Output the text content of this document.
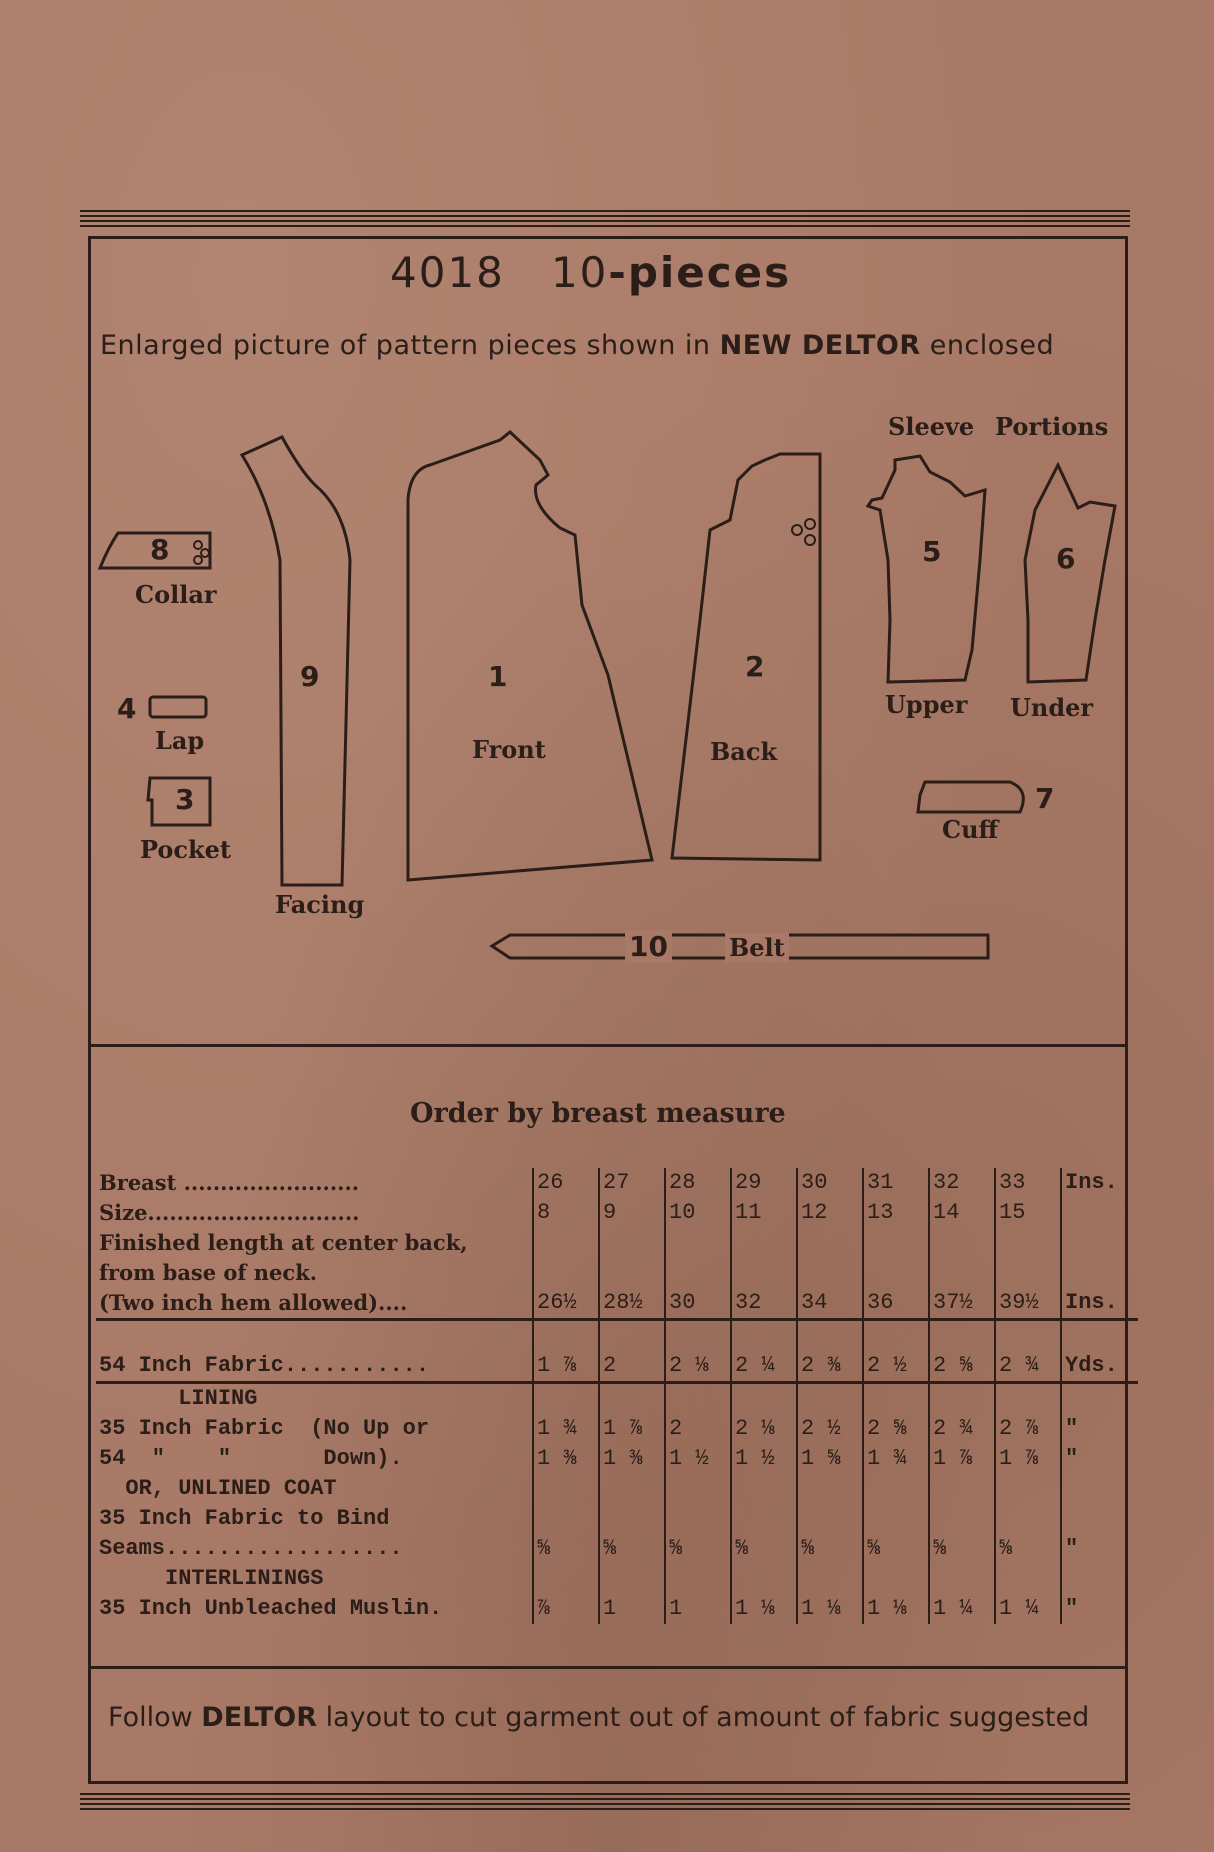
4018 10-pieces
Enlarged picture of pattern pieces shown in NEW DELTOR enclosed
8
Collar
4
Lap
3
Pocket
9
Facing
1
Front
2
Back
Sleeve Portions
5
Upper
6
Under
7
Cuff
10	Belt
Order by breast measure
Breast ........................	26	27	28	29	30	31	32	33	Ins.
Size.............................	8	9	10	11	12	13	14	15	
Finished length at center back,									
from base of neck.									
(Two inch hem allowed)....	26½	28½	30	32	34	36	37½	39½	Ins.
54 Inch Fabric...........	1 ⅞	2	2 ⅛	2 ¼	2 ⅜	2 ½	2 ⅝	2 ¾	Yds.
LINING									
35 Inch Fabric  (No Up or	1 ¾	1 ⅞	2	2 ⅛	2 ½	2 ⅝	2 ¾	2 ⅞	"
54  "    "       Down).	1 ⅜	1 ⅜	1 ½	1 ½	1 ⅝	1 ¾	1 ⅞	1 ⅞	"
OR, UNLINED COAT									
35 Inch Fabric to Bind									
Seams..................	⅝	⅝	⅝	⅝	⅝	⅝	⅝	⅝	"
INTERLININGS									
35 Inch Unbleached Muslin.	⅞	1	1	1 ⅛	1 ⅛	1 ⅛	1 ¼	1 ¼	"
Follow DELTOR layout to cut garment out of amount of fabric suggested
